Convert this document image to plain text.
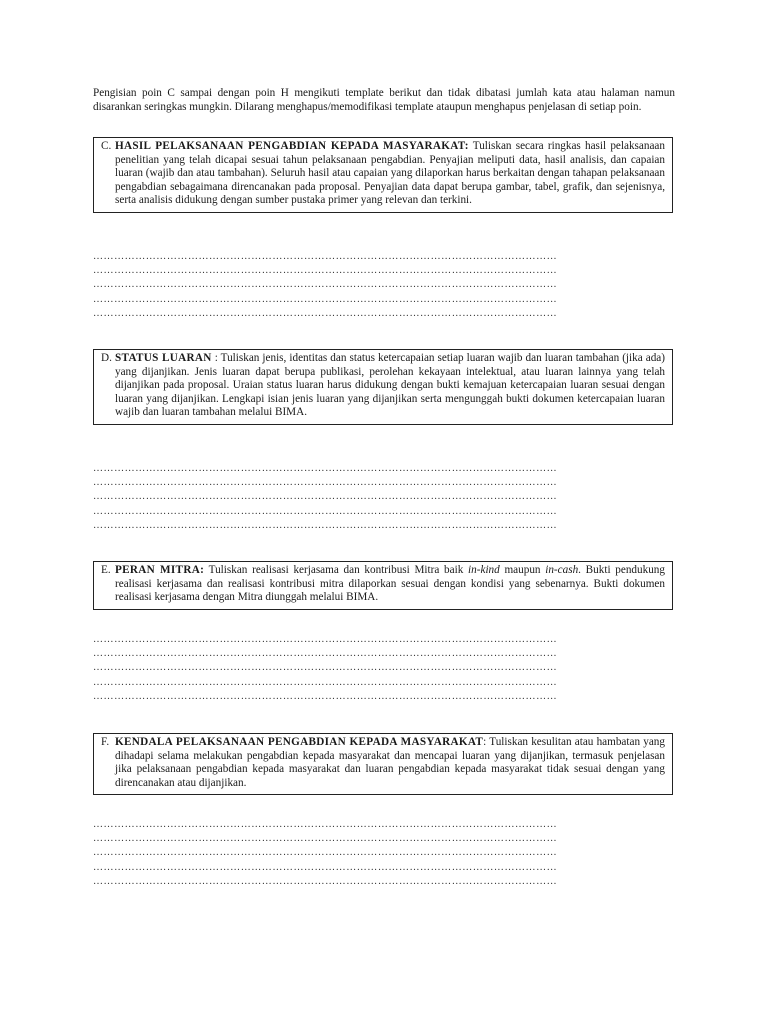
Pengisian poin C sampai dengan poin H mengikuti template berikut dan tidak dibatasi jumlah kata atau halaman namun disarankan seringkas mungkin. Dilarang menghapus/memodifikasi template ataupun menghapus penjelasan di setiap poin.

C. HASIL PELAKSANAAN PENGABDIAN KEPADA MASYARAKAT: Tuliskan secara ringkas hasil pelaksanaan penelitian yang telah dicapai sesuai tahun pelaksanaan pengabdian. Penyajian meliputi data, hasil analisis, dan capaian luaran (wajib dan atau tambahan). Seluruh hasil atau capaian yang dilaporkan harus berkaitan dengan tahapan pelaksanaan pengabdian sebagaimana direncanakan pada proposal. Penyajian data dapat berupa gambar, tabel, grafik, dan sejenisnya, serta analisis didukung dengan sumber pustaka primer yang relevan dan terkini.
……………………………………………………………………………………………………………………
……………………………………………………………………………………………………………………
……………………………………………………………………………………………………………………
……………………………………………………………………………………………………………………
……………………………………………………………………………………………………………………
D. STATUS LUARAN : Tuliskan jenis, identitas dan status ketercapaian setiap luaran wajib dan luaran tambahan (jika ada) yang dijanjikan. Jenis luaran dapat berupa publikasi, perolehan kekayaan intelektual, atau luaran lainnya yang telah dijanjikan pada proposal. Uraian status luaran harus didukung dengan bukti kemajuan ketercapaian luaran sesuai dengan luaran yang dijanjikan. Lengkapi isian jenis luaran yang dijanjikan serta mengunggah bukti dokumen ketercapaian luaran wajib dan luaran tambahan melalui BIMA.
……………………………………………………………………………………………………………………
……………………………………………………………………………………………………………………
……………………………………………………………………………………………………………………
……………………………………………………………………………………………………………………
……………………………………………………………………………………………………………………
E. PERAN MITRA: Tuliskan realisasi kerjasama dan kontribusi Mitra baik in-kind maupun in-cash. Bukti pendukung realisasi kerjasama dan realisasi kontribusi mitra dilaporkan sesuai dengan kondisi yang sebenarnya. Bukti dokumen realisasi kerjasama dengan Mitra diunggah melalui BIMA.
……………………………………………………………………………………………………………………
……………………………………………………………………………………………………………………
……………………………………………………………………………………………………………………
……………………………………………………………………………………………………………………
……………………………………………………………………………………………………………………
F. KENDALA PELAKSANAAN PENGABDIAN KEPADA MASYARAKAT: Tuliskan kesulitan atau hambatan yang dihadapi selama melakukan pengabdian kepada masyarakat dan mencapai luaran yang dijanjikan, termasuk penjelasan jika pelaksanaan pengabdian kepada masyarakat dan luaran pengabdian kepada masyarakat tidak sesuai dengan yang direncanakan atau dijanjikan.
……………………………………………………………………………………………………………………
……………………………………………………………………………………………………………………
……………………………………………………………………………………………………………………
……………………………………………………………………………………………………………………
……………………………………………………………………………………………………………………
